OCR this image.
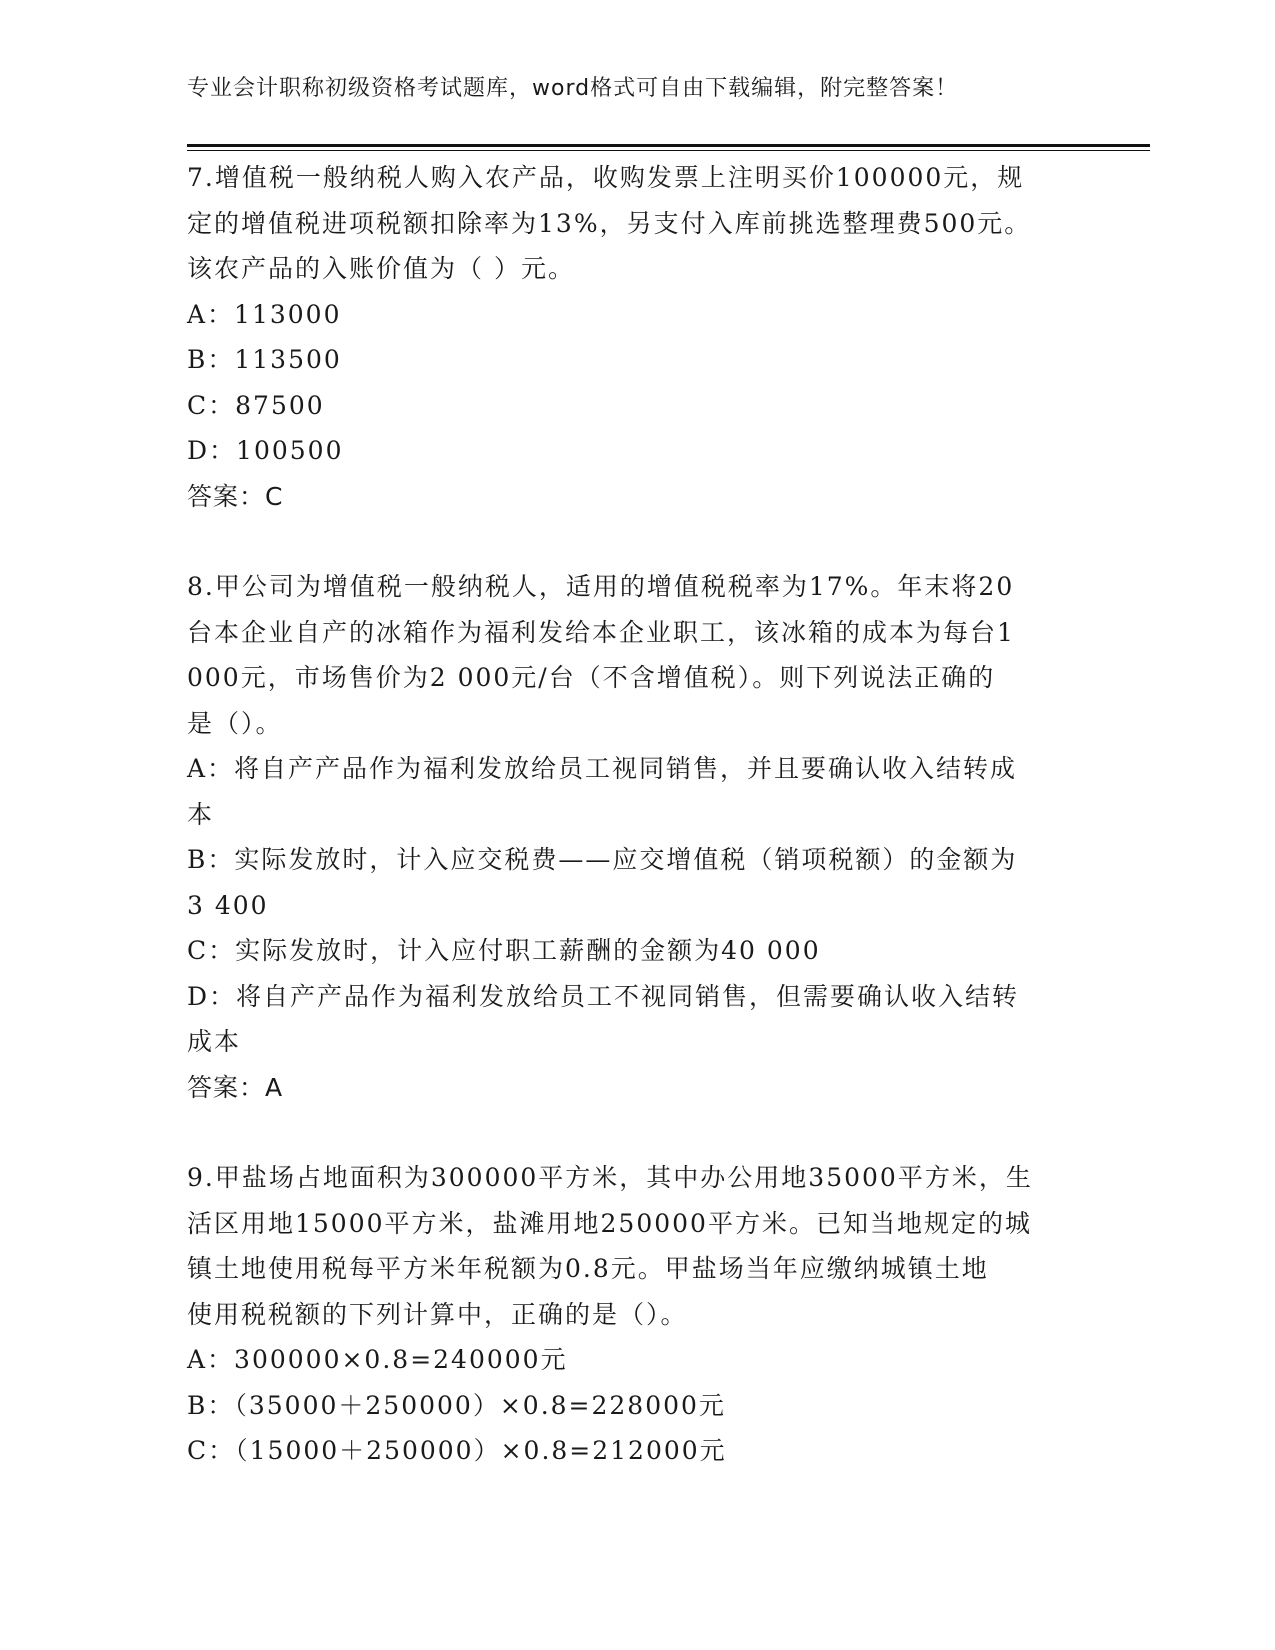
专业会计职称初级资格考试题库，word格式可自由下载编辑，附完整答案！
7.增值税一般纳税人购入农产品，收购发票上注明买价100000元，规
定的增值税进项税额扣除率为13%，另支付入库前挑选整理费500元。
该农产品的入账价值为（ ）元。
A：113000
B：113500
C：87500
D：100500
答案：C
8.甲公司为增值税一般纳税人，适用的增值税税率为17%。年末将20
台本企业自产的冰箱作为福利发给本企业职工，该冰箱的成本为每台1
000元，市场售价为2 000元/台（不含增值税）。则下列说法正确的
是（）。
A：将自产产品作为福利发放给员工视同销售，并且要确认收入结转成
本
B：实际发放时，计入应交税费——应交增值税（销项税额）的金额为
3 400
C：实际发放时，计入应付职工薪酬的金额为40 000
D：将自产产品作为福利发放给员工不视同销售，但需要确认收入结转
成本
答案：A
9.甲盐场占地面积为300000平方米，其中办公用地35000平方米，生
活区用地15000平方米，盐滩用地250000平方米。已知当地规定的城
镇土地使用税每平方米年税额为0.8元。甲盐场当年应缴纳城镇土地
使用税税额的下列计算中，正确的是（）。
A：300000×0.8=240000元
B：（35000＋250000）×0.8=228000元
C：（15000＋250000）×0.8=212000元
